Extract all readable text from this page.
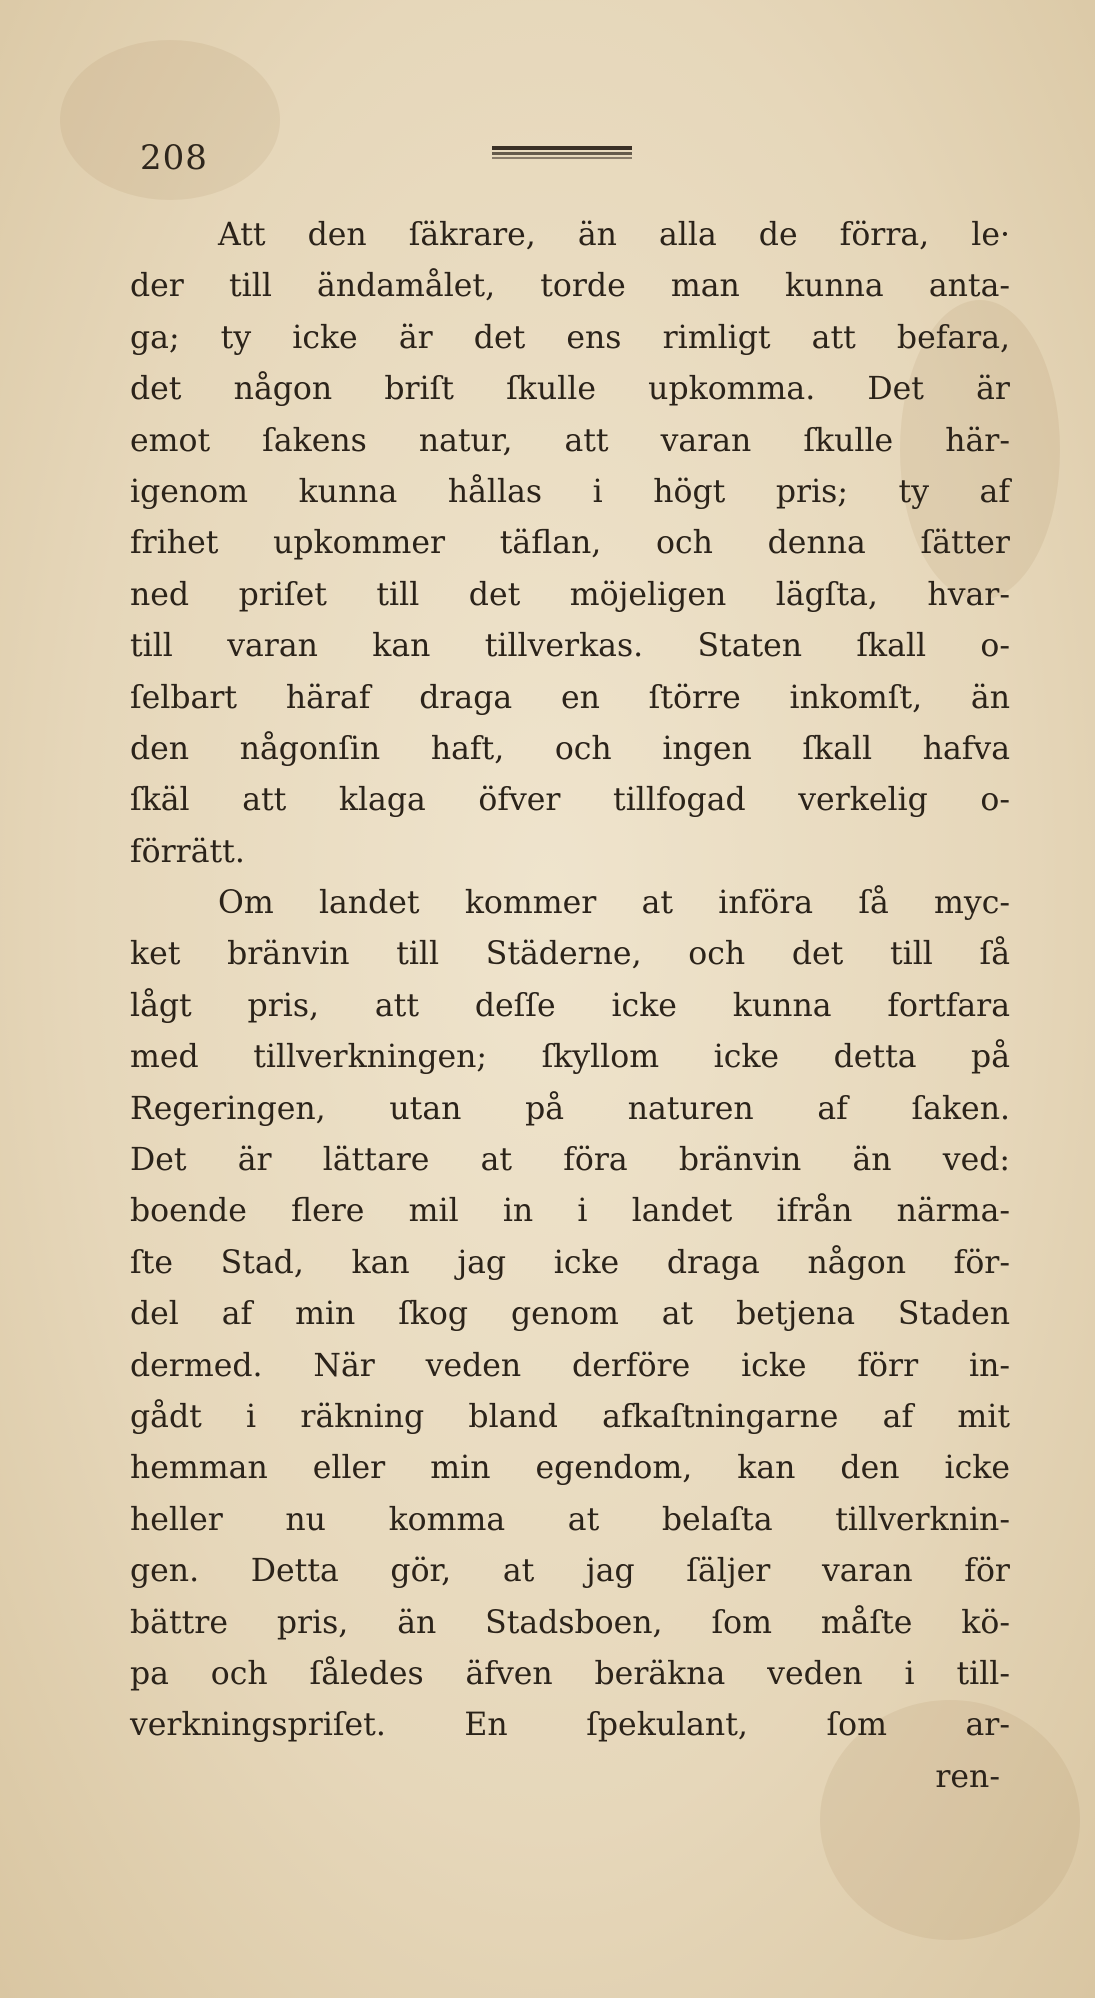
208
Att den ſäkrare, än alla de förra, le·
der till ändamålet, torde man kunna anta-
ga; ty icke är det ens rimligt att befara,
det någon briſt ſkulle upkomma. Det är
emot ſakens natur, att varan ſkulle här-
igenom kunna hållas i högt pris; ty af
frihet upkommer täflan, och denna ſätter
ned priſet till det möjeligen lägſta, hvar-
till varan kan tillverkas. Staten ſkall o-
ſelbart häraf draga en ſtörre inkomſt, än
den någonſin haft, och ingen ſkall hafva
ſkäl att klaga öfver tillfogad verkelig o-
förrätt.
Om landet kommer at införa ſå myc-
ket bränvin till Städerne, och det till ſå
lågt pris, att deſſe icke kunna fortfara
med tillverkningen; ſkyllom icke detta på
Regeringen, utan på naturen af ſaken.
Det är lättare at föra bränvin än ved:
boende flere mil in i landet ifrån närma-
ſte Stad, kan jag icke draga någon för-
del af min ſkog genom at betjena Staden
dermed. När veden derföre icke förr in-
gådt i räkning bland afkaſtningarne af mit
hemman eller min egendom, kan den icke
heller nu komma at belaſta tillverknin-
gen. Detta gör, at jag ſäljer varan för
bättre pris, än Stadsboen, ſom måſte kö-
pa och ſåledes äfven beräkna veden i till-
verkningspriſet. En ſpekulant, ſom ar-
ren-
